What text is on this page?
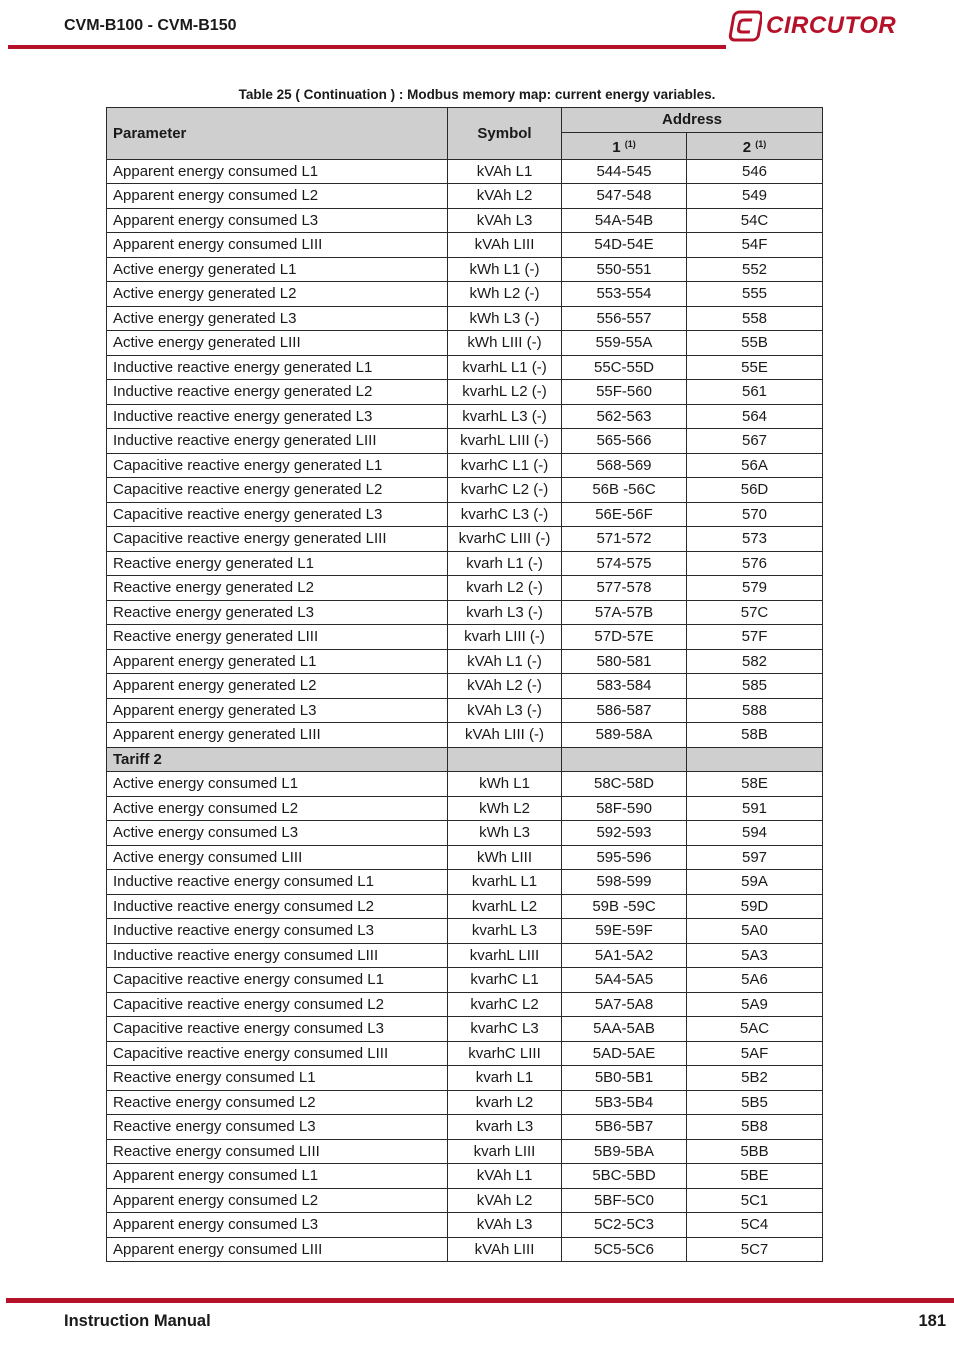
CVM-B100 - CVM-B150	CIRCUTOR
Table 25 ( Continuation ) : Modbus memory map: current energy variables.
Parameter	Symbol	Address	
		1 $^{(1)}$	2 $^{(1)}$
Apparent energy consumed L1	kVAh L1	544-545	546
Apparent energy consumed L2	kVAh L2	547-548	549
Apparent energy consumed L3	kVAh L3	54A-54B	54C
Apparent energy consumed LIII	kVAh LIII	54D-54E	54F
Active energy generated L1	kWh L1 (-)	550-551	552
Active energy generated L2	kWh L2 (-)	553-554	555
Active energy generated L3	kWh L3 (-)	556-557	558
Active energy generated LIII	kWh LIII (-)	559-55A	55B
Inductive reactive energy generated L1	kvarhL L1 (-)	55C-55D	55E
Inductive reactive energy generated L2	kvarhL L2 (-)	55F-560	561
Inductive reactive energy generated L3	kvarhL L3 (-)	562-563	564
Inductive reactive energy generated LIII	kvarhL LIII (-)	565-566	567
Capacitive reactive energy generated L1	kvarhC L1 (-)	568-569	56A
Capacitive reactive energy generated L2	kvarhC L2 (-)	56B -56C	56D
Capacitive reactive energy generated L3	kvarhC L3 (-)	56E-56F	570
Capacitive reactive energy generated LIII	kvarhC LIII (-)	571-572	573
Reactive energy generated L1	kvarh L1 (-)	574-575	576
Reactive energy generated L2	kvarh L2 (-)	577-578	579
Reactive energy generated L3	kvarh L3 (-)	57A-57B	57C
Reactive energy generated LIII	kvarh LIII (-)	57D-57E	57F
Apparent energy generated L1	kVAh L1 (-)	580-581	582
Apparent energy generated L2	kVAh L2 (-)	583-584	585
Apparent energy generated L3	kVAh L3 (-)	586-587	588
Apparent energy generated LIII	kVAh LIII (-)	589-58A	58B
Tariff 2			
Active energy consumed L1	kWh L1	58C-58D	58E
Active energy consumed L2	kWh L2	58F-590	591
Active energy consumed L3	kWh L3	592-593	594
Active energy consumed LIII	kWh LIII	595-596	597
Inductive reactive energy consumed L1	kvarhL L1	598-599	59A
Inductive reactive energy consumed L2	kvarhL L2	59B -59C	59D
Inductive reactive energy consumed L3	kvarhL L3	59E-59F	5A0
Inductive reactive energy consumed LIII	kvarhL LIII	5A1-5A2	5A3
Capacitive reactive energy consumed L1	kvarhC L1	5A4-5A5	5A6
Capacitive reactive energy consumed L2	kvarhC L2	5A7-5A8	5A9
Capacitive reactive energy consumed L3	kvarhC L3	5AA-5AB	5AC
Capacitive reactive energy consumed LIII	kvarhC LIII	5AD-5AE	5AF
Reactive energy consumed L1	kvarh L1	5B0-5B1	5B2
Reactive energy consumed L2	kvarh L2	5B3-5B4	5B5
Reactive energy consumed L3	kvarh L3	5B6-5B7	5B8
Reactive energy consumed LIII	kvarh LIII	5B9-5BA	5BB
Apparent energy consumed L1	kVAh L1	5BC-5BD	5BE
Apparent energy consumed L2	kVAh L2	5BF-5C0	5C1
Apparent energy consumed L3	kVAh L3	5C2-5C3	5C4
Apparent energy consumed LIII	kVAh LIII	5C5-5C6	5C7
Instruction Manual	181
